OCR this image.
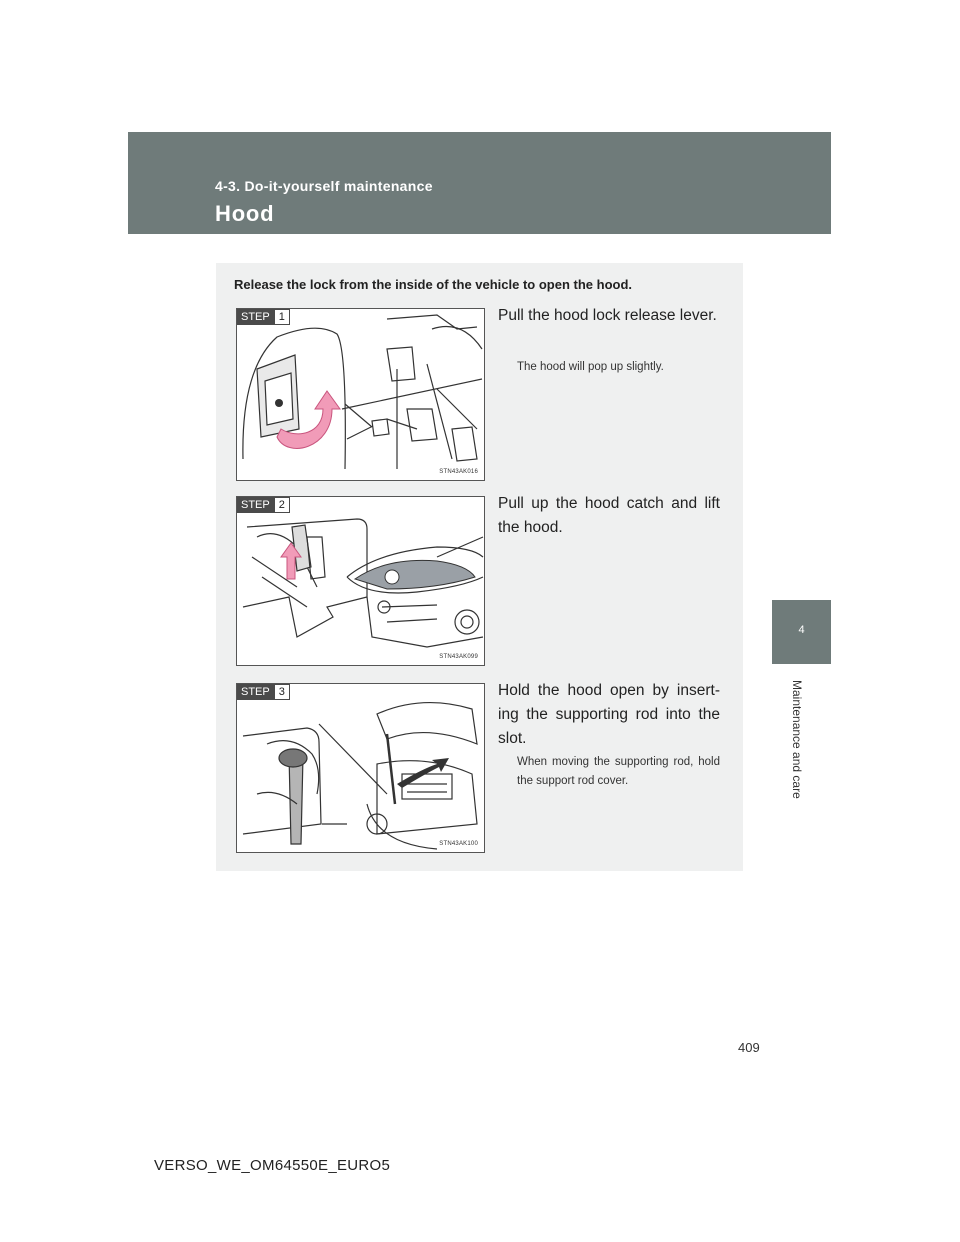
4-3. Do-it-yourself maintenance
Hood
4
Maintenance and care
Release the lock from the inside of the vehicle to open the hood.
STEP 1
STN43AK016
Pull the hood lock release lever.
The hood will pop up slightly.
STEP 2
STN43AK099
Pull up the hood catch and lift the hood.
STEP 3
STN43AK100
Hold the hood open by insert-ing the supporting rod into the slot.
When moving the supporting rod, hold the support rod cover.
409
VERSO_WE_OM64550E_EURO5
